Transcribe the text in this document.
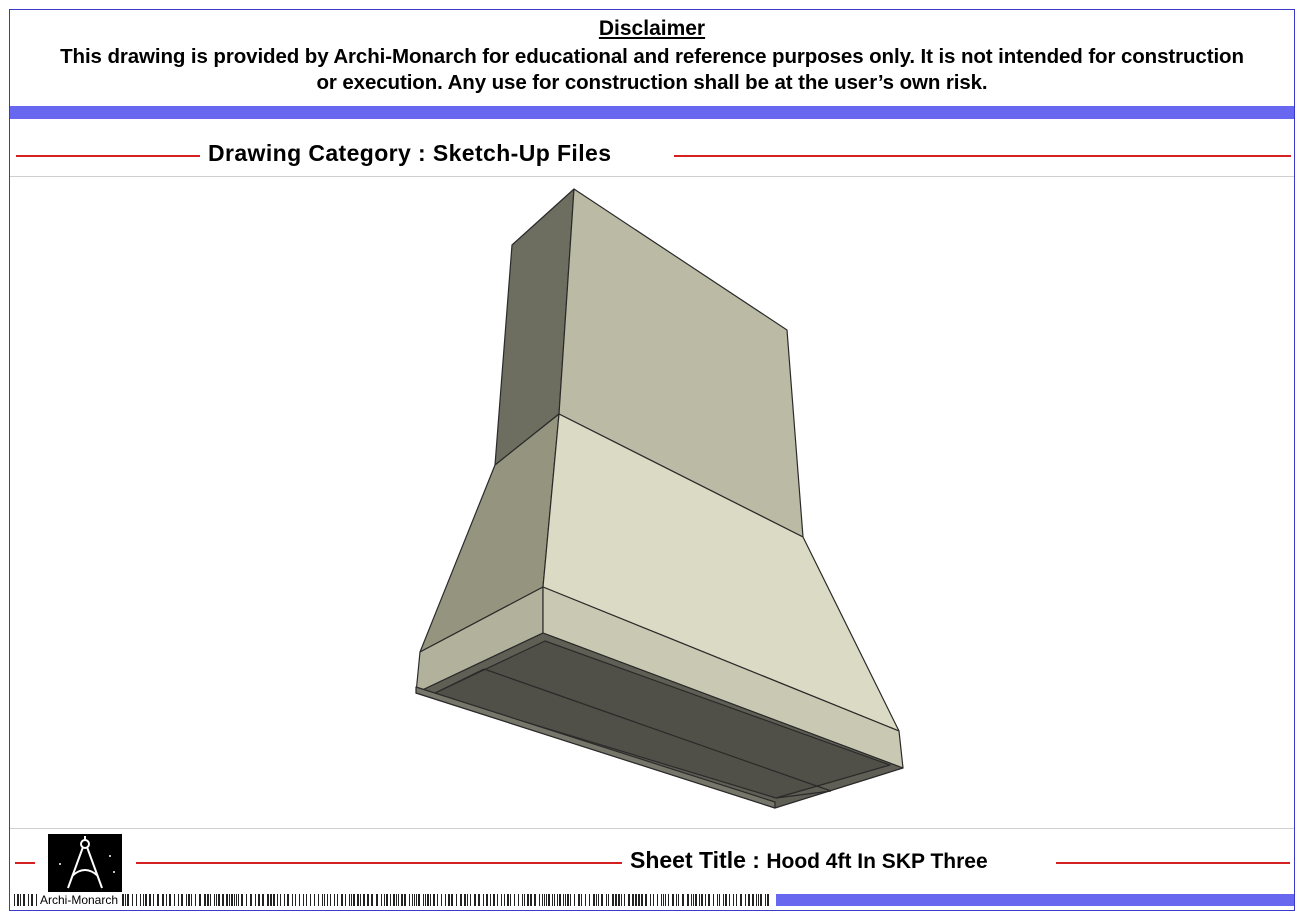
Disclaimer
This drawing is provided by Archi-Monarch for educational and reference purposes only. It is not intended for construction or execution. Any use for construction shall be at the user’s own risk.
Drawing Category : Sketch-Up Files
Sheet Title : Hood 4ft In SKP Three
Archi-Monarch
